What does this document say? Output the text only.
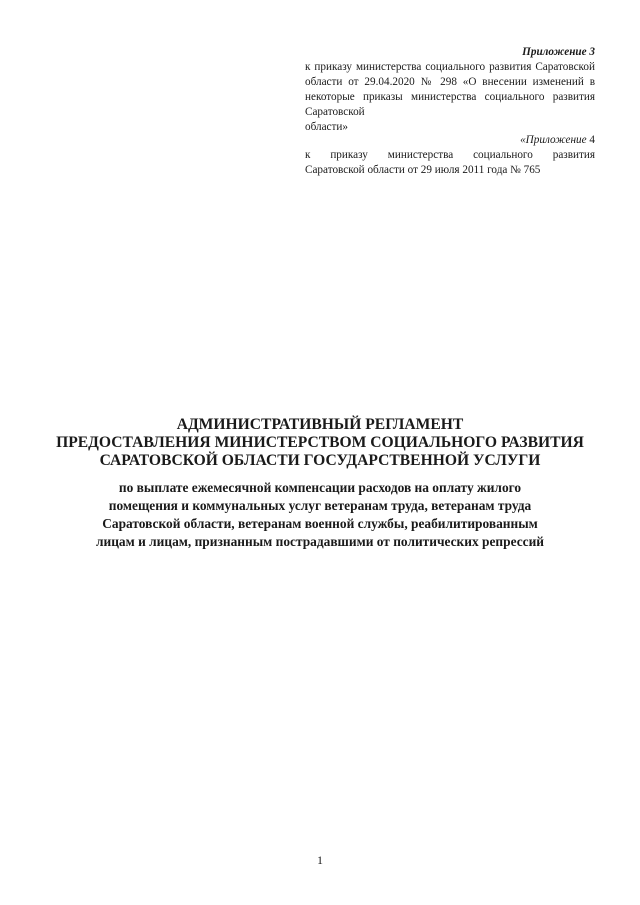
Приложение 3
к приказу министерства социального развития Саратовской области от 29.04.2020 № 298 «О внесении изменений в некоторые приказы министерства социального развития Саратовской
области»
«Приложение 4
к приказу министерства социального развития
Саратовской области от 29 июля 2011 года № 765
АДМИНИСТРАТИВНЫЙ РЕГЛАМЕНТ
ПРЕДОСТАВЛЕНИЯ МИНИСТЕРСТВОМ СОЦИАЛЬНОГО РАЗВИТИЯ
САРАТОВСКОЙ ОБЛАСТИ ГОСУДАРСТВЕННОЙ УСЛУГИ
по выплате ежемесячной компенсации расходов на оплату жилого
помещения и коммунальных услуг ветеранам труда, ветеранам труда
Саратовской области, ветеранам военной службы, реабилитированным
лицам и лицам, признанным пострадавшими от политических репрессий
1
